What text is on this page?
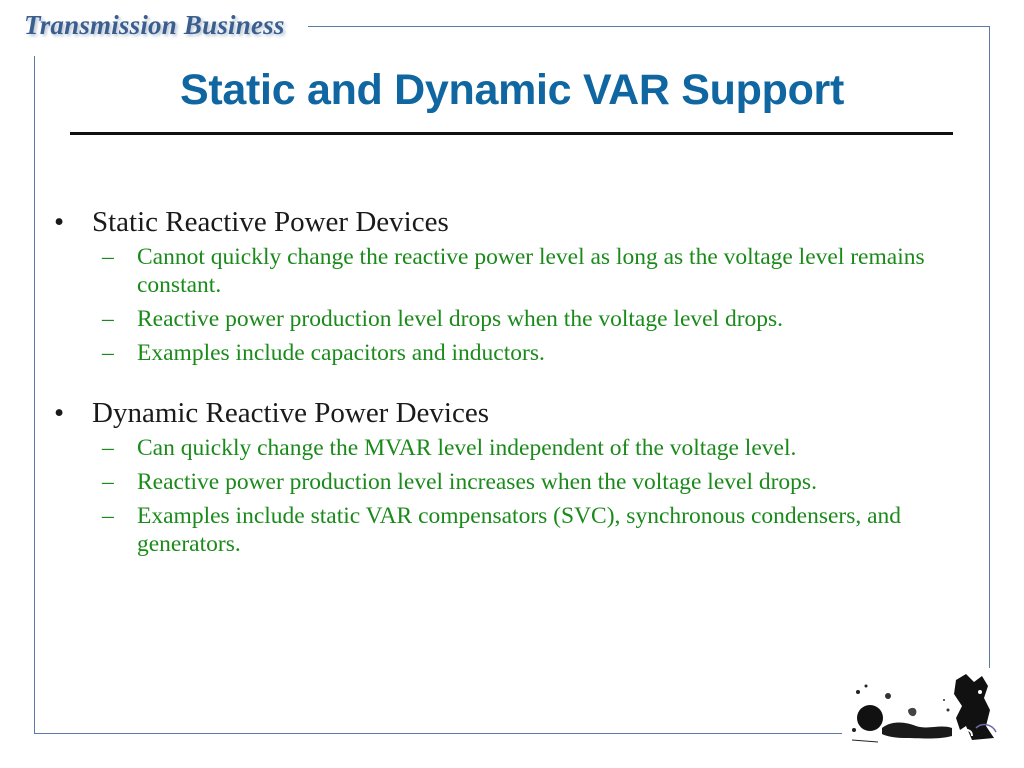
Transmission Business
Static and Dynamic VAR Support
• Static Reactive Power Devices
– Cannot quickly change the reactive power level as long as the voltage level remains constant.
– Reactive power production level drops when the voltage level drops.
– Examples include capacitors and inductors.
• Dynamic Reactive Power Devices
– Can quickly change the MVAR level independent of the voltage level.
– Reactive power production level increases when the voltage level drops.
– Examples include static VAR compensators (SVC), synchronous condensers, and generators.
